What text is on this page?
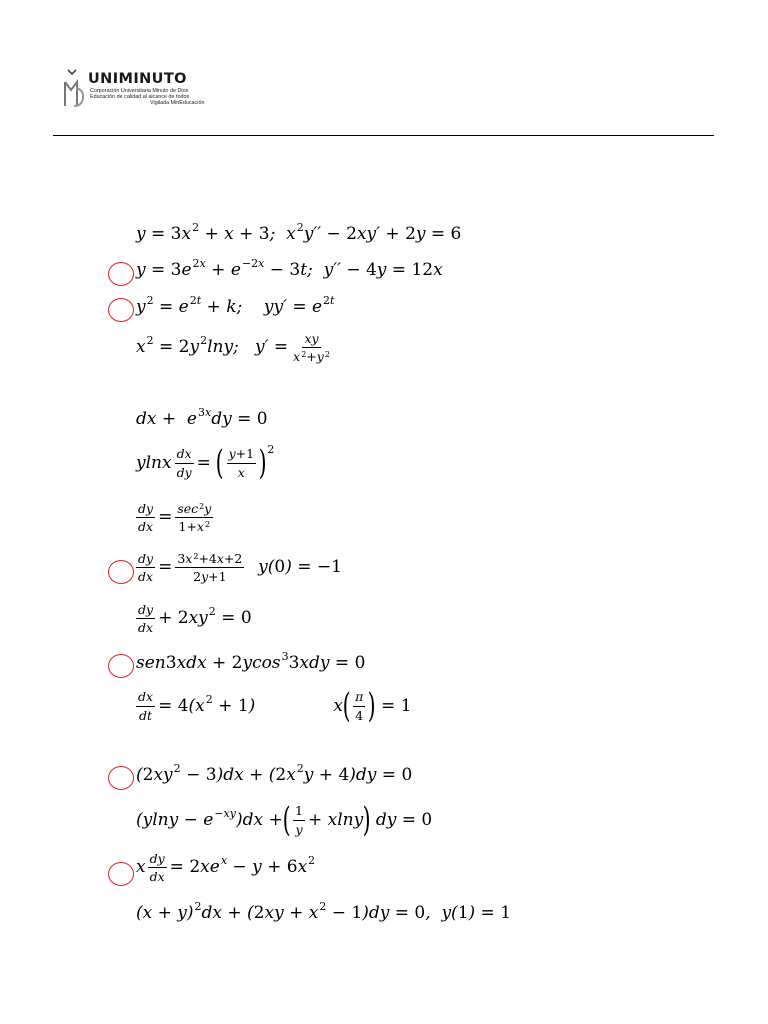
UNIMINUTO
Corporación Universitaria Minuto de Dios
Educación de calidad al alcance de todos
Vigilada MinEducación
y = 3 $x^2 + x + 3$ ;  $x^2$ y′′ − 2 xy′ + 2 y = 6
y = 3 e $^{2x} + e^{-2x} - 3$ t;  y′′ − 4 y = 12 x
$y^2 = e$ $^{2t}$ + k;    yy′ = e $^{2t}$
$x^2 = 2$ $y^2$ lny;   $y' = \frac{xy}{x^2+y^2}$
dx +  e $^{3x}$ dy = 0
ylnx $\frac{dx}{dy}$ = ( $\frac{y+1}{x} )^2$
$\frac{dy}{dx} = \frac{\sec^2y}{1+x^2}$
$\frac{dy}{dx} = \frac{3x^2+4x+2}{2y+1} y$( 0 ) = −1
$\frac{dy}{dx} + 2$ $xy^2 = 0$
sen 3 xdx + 2 ycos$^3$ 3 xdy = 0
$\frac{dx}{dt} = 4$ ($x^2 + 1$ )	x ( $\frac{\pi}{4}$ ) = 1
( 2 $xy^2 - 3$ )dx + ( 2 $x^2$ y + 4 )dy = 0
($ylny - e^{-xy}$ )dx + ( $\frac{1}{y} + xlny$ ) dy = 0
x $\frac{dy}{dx} = 2$ $xe^x - y + 6$ $x^2$
$(x + y)^2$ dx + ( 2 xy + $x^2 - 1$ )dy = 0 ,  y( 1 ) = 1
